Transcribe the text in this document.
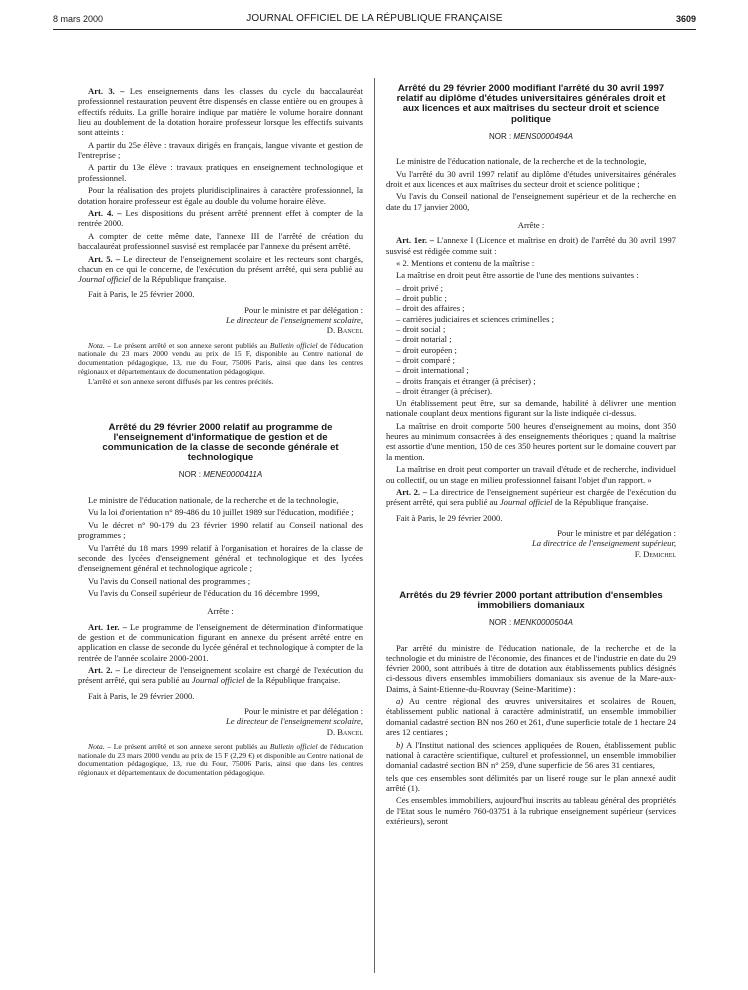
8 mars 2000	JOURNAL OFFICIEL DE LA RÉPUBLIQUE FRANÇAISE	3609

Art. 3. – Les enseignements dans les classes du cycle du baccalauréat professionnel restauration peuvent être dispensés en classe entière ou en groupes à effectifs réduits. La grille horaire indique par matière le volume horaire donnant lieu au doublement de la dotation horaire professeur lorsque les effectifs suivants sont atteints :

A partir du 25e élève : travaux dirigés en français, langue vivante et gestion de l'entreprise ;

A partir du 13e élève : travaux pratiques en enseignement technologique et professionnel.

Pour la réalisation des projets pluridisciplinaires à caractère professionnel, la dotation horaire professeur est égale au double du volume horaire élève.

Art. 4. – Les dispositions du présent arrêté prennent effet à compter de la rentrée 2000.

A compter de cette même date, l'annexe III de l'arrêté de création du baccalauréat professionnel susvisé est remplacée par l'annexe du présent arrêté.

Art. 5. – Le directeur de l'enseignement scolaire et les recteurs sont chargés, chacun en ce qui le concerne, de l'exécution du présent arrêté, qui sera publié au Journal officiel de la République française.

Fait à Paris, le 25 février 2000.

Pour le ministre et par délégation :

Le directeur de l'enseignement scolaire,

D. Bancel

Nota. – Le présent arrêté et son annexe seront publiés au Bulletin officiel de l'éducation nationale du 23 mars 2000 vendu au prix de 15 F, disponible au Centre national de documentation pédagogique, 13, rue du Four, 75006 Paris, ainsi que dans les centres régionaux et départementaux de documentation pédagogique.

L'arrêté et son annexe seront diffusés par les centres précités.

Arrêté du 29 février 2000 relatif au programme de l'enseignement d'informatique de gestion et de communication de la classe de seconde générale et technologique
NOR : MENE0000411A

Le ministre de l'éducation nationale, de la recherche et de la technologie,

Vu la loi d'orientation n° 89-486 du 10 juillet 1989 sur l'éducation, modifiée ;

Vu le décret n° 90-179 du 23 février 1990 relatif au Conseil national des programmes ;

Vu l'arrêté du 18 mars 1999 relatif à l'organisation et horaires de la classe de seconde des lycées d'enseignement général et technologique et des lycées d'enseignement général et technologique agricole ;

Vu l'avis du Conseil national des programmes ;

Vu l'avis du Conseil supérieur de l'éducation du 16 décembre 1999,

Arrête :

Art. 1er. – Le programme de l'enseignement de détermination d'informatique de gestion et de communication figurant en annexe du présent arrêté entre en application en classe de seconde du lycée général et technologique à compter de la rentrée de l'année scolaire 2000-2001.

Art. 2. – Le directeur de l'enseignement scolaire est chargé de l'exécution du présent arrêté, qui sera publié au Journal officiel de la République française.

Fait à Paris, le 29 février 2000.

Pour le ministre et par délégation :

Le directeur de l'enseignement scolaire,

D. Bancel

Nota. – Le présent arrêté et son annexe seront publiés au Bulletin officiel de l'éducation nationale du 23 mars 2000 vendu au prix de 15 F (2,29 €) et disponible au Centre national de documentation pédagogique, 13, rue du Four, 75006 Paris, ainsi que dans les centres régionaux et départementaux de documentation pédagogique.

Arrêté du 29 février 2000 modifiant l'arrêté du 30 avril 1997 relatif au diplôme d'études universitaires générales droit et aux licences et aux maîtrises du secteur droit et science politique
NOR : MENS0000494A

Le ministre de l'éducation nationale, de la recherche et de la technologie,

Vu l'arrêté du 30 avril 1997 relatif au diplôme d'études universitaires générales droit et aux licences et aux maîtrises du secteur droit et science politique ;

Vu l'avis du Conseil national de l'enseignement supérieur et de la recherche en date du 17 janvier 2000,

Arrête :

Art. 1er. – L'annexe I (Licence et maîtrise en droit) de l'arrêté du 30 avril 1997 susvisé est rédigée comme suit :

« 2. Mentions et contenu de la maîtrise :

La maîtrise en droit peut être assortie de l'une des mentions suivantes :

– droit privé ;
– droit public ;
– droit des affaires ;
– carrières judiciaires et sciences criminelles ;
– droit social ;
– droit notarial ;
– droit européen ;
– droit comparé ;
– droit international ;
– droits français et étranger (à préciser) ;
– droit étranger (à préciser).

Un établissement peut être, sur sa demande, habilité à délivrer une mention nationale couplant deux mentions figurant sur la liste indiquée ci-dessus.

La maîtrise en droit comporte 500 heures d'enseignement au moins, dont 350 heures au minimum consacrées à des enseignements théoriques ; quand la maîtrise est assortie d'une mention, 150 de ces 350 heures portent sur le domaine couvert par la mention.

La maîtrise en droit peut comporter un travail d'étude et de recherche, individuel ou collectif, ou un stage en milieu professionnel faisant l'objet d'un rapport. »

Art. 2. – La directrice de l'enseignement supérieur est chargée de l'exécution du présent arrêté, qui sera publié au Journal officiel de la République française.

Fait à Paris, le 29 février 2000.

Pour le ministre et par délégation :

La directrice de l'enseignement supérieur,

F. Demichel

Arrêtés du 29 février 2000 portant attribution d'ensembles immobiliers domaniaux
NOR : MENK0000504A

Par arrêté du ministre de l'éducation nationale, de la recherche et de la technologie et du ministre de l'économie, des finances et de l'industrie en date du 29 février 2000, sont attribués à titre de dotation aux établissements publics désignés ci-dessous divers ensembles immobiliers domaniaux sis avenue de la Mare-aux-Daims, à Saint-Etienne-du-Rouvray (Seine-Maritime) :

a) Au centre régional des œuvres universitaires et scolaires de Rouen, établissement public national à caractère administratif, un ensemble immobilier domanial cadastré section BN nos 260 et 261, d'une superficie totale de 1 hectare 24 ares 12 centiares ;

b) A l'Institut national des sciences appliquées de Rouen, établissement public national à caractère scientifique, culturel et professionnel, un ensemble immobilier domanial cadastré section BN n° 259, d'une superficie de 56 ares 31 centiares,

tels que ces ensembles sont délimités par un liseré rouge sur le plan annexé audit arrêté (1).

Ces ensembles immobiliers, aujourd'hui inscrits au tableau général des propriétés de l'Etat sous le numéro 760-03751 à la rubrique enseignement supérieur (services extérieurs), seront
